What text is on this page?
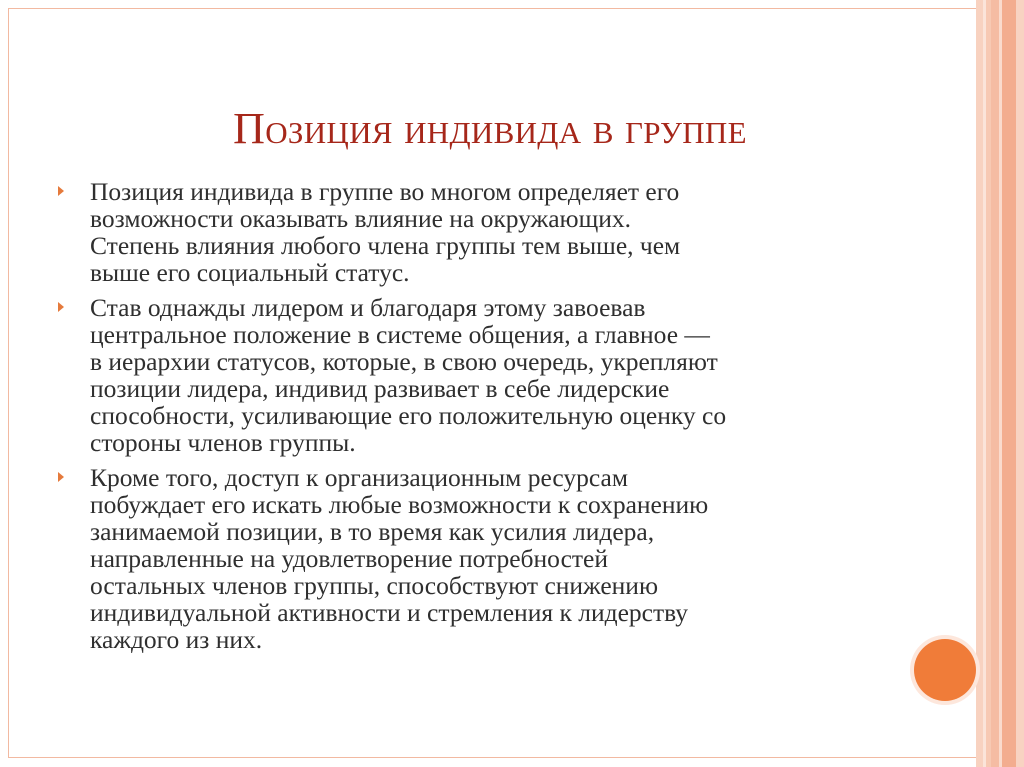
Позиция индивида в группе
Позиция индивида в группе во многом определяет его
возможности оказывать влияние на окружающих.
Степень влияния любого члена группы тем выше, чем
выше его социальный статус.
Став однажды лидером и благодаря этому завоевав
центральное положение в системе общения, а главное —
в иерархии статусов, которые, в свою очередь, укрепляют
позиции лидера, индивид развивает в себе лидерские
способности, усиливающие его положительную оценку со
стороны членов группы.
Кроме того, доступ к организационным ресурсам
побуждает его искать любые возможности к сохранению
занимаемой позиции, в то время как усилия лидера,
направленные на удовлетворение потребностей
остальных членов группы, способствуют снижению
индивидуальной активности и стремления к лидерству
каждого из них.
